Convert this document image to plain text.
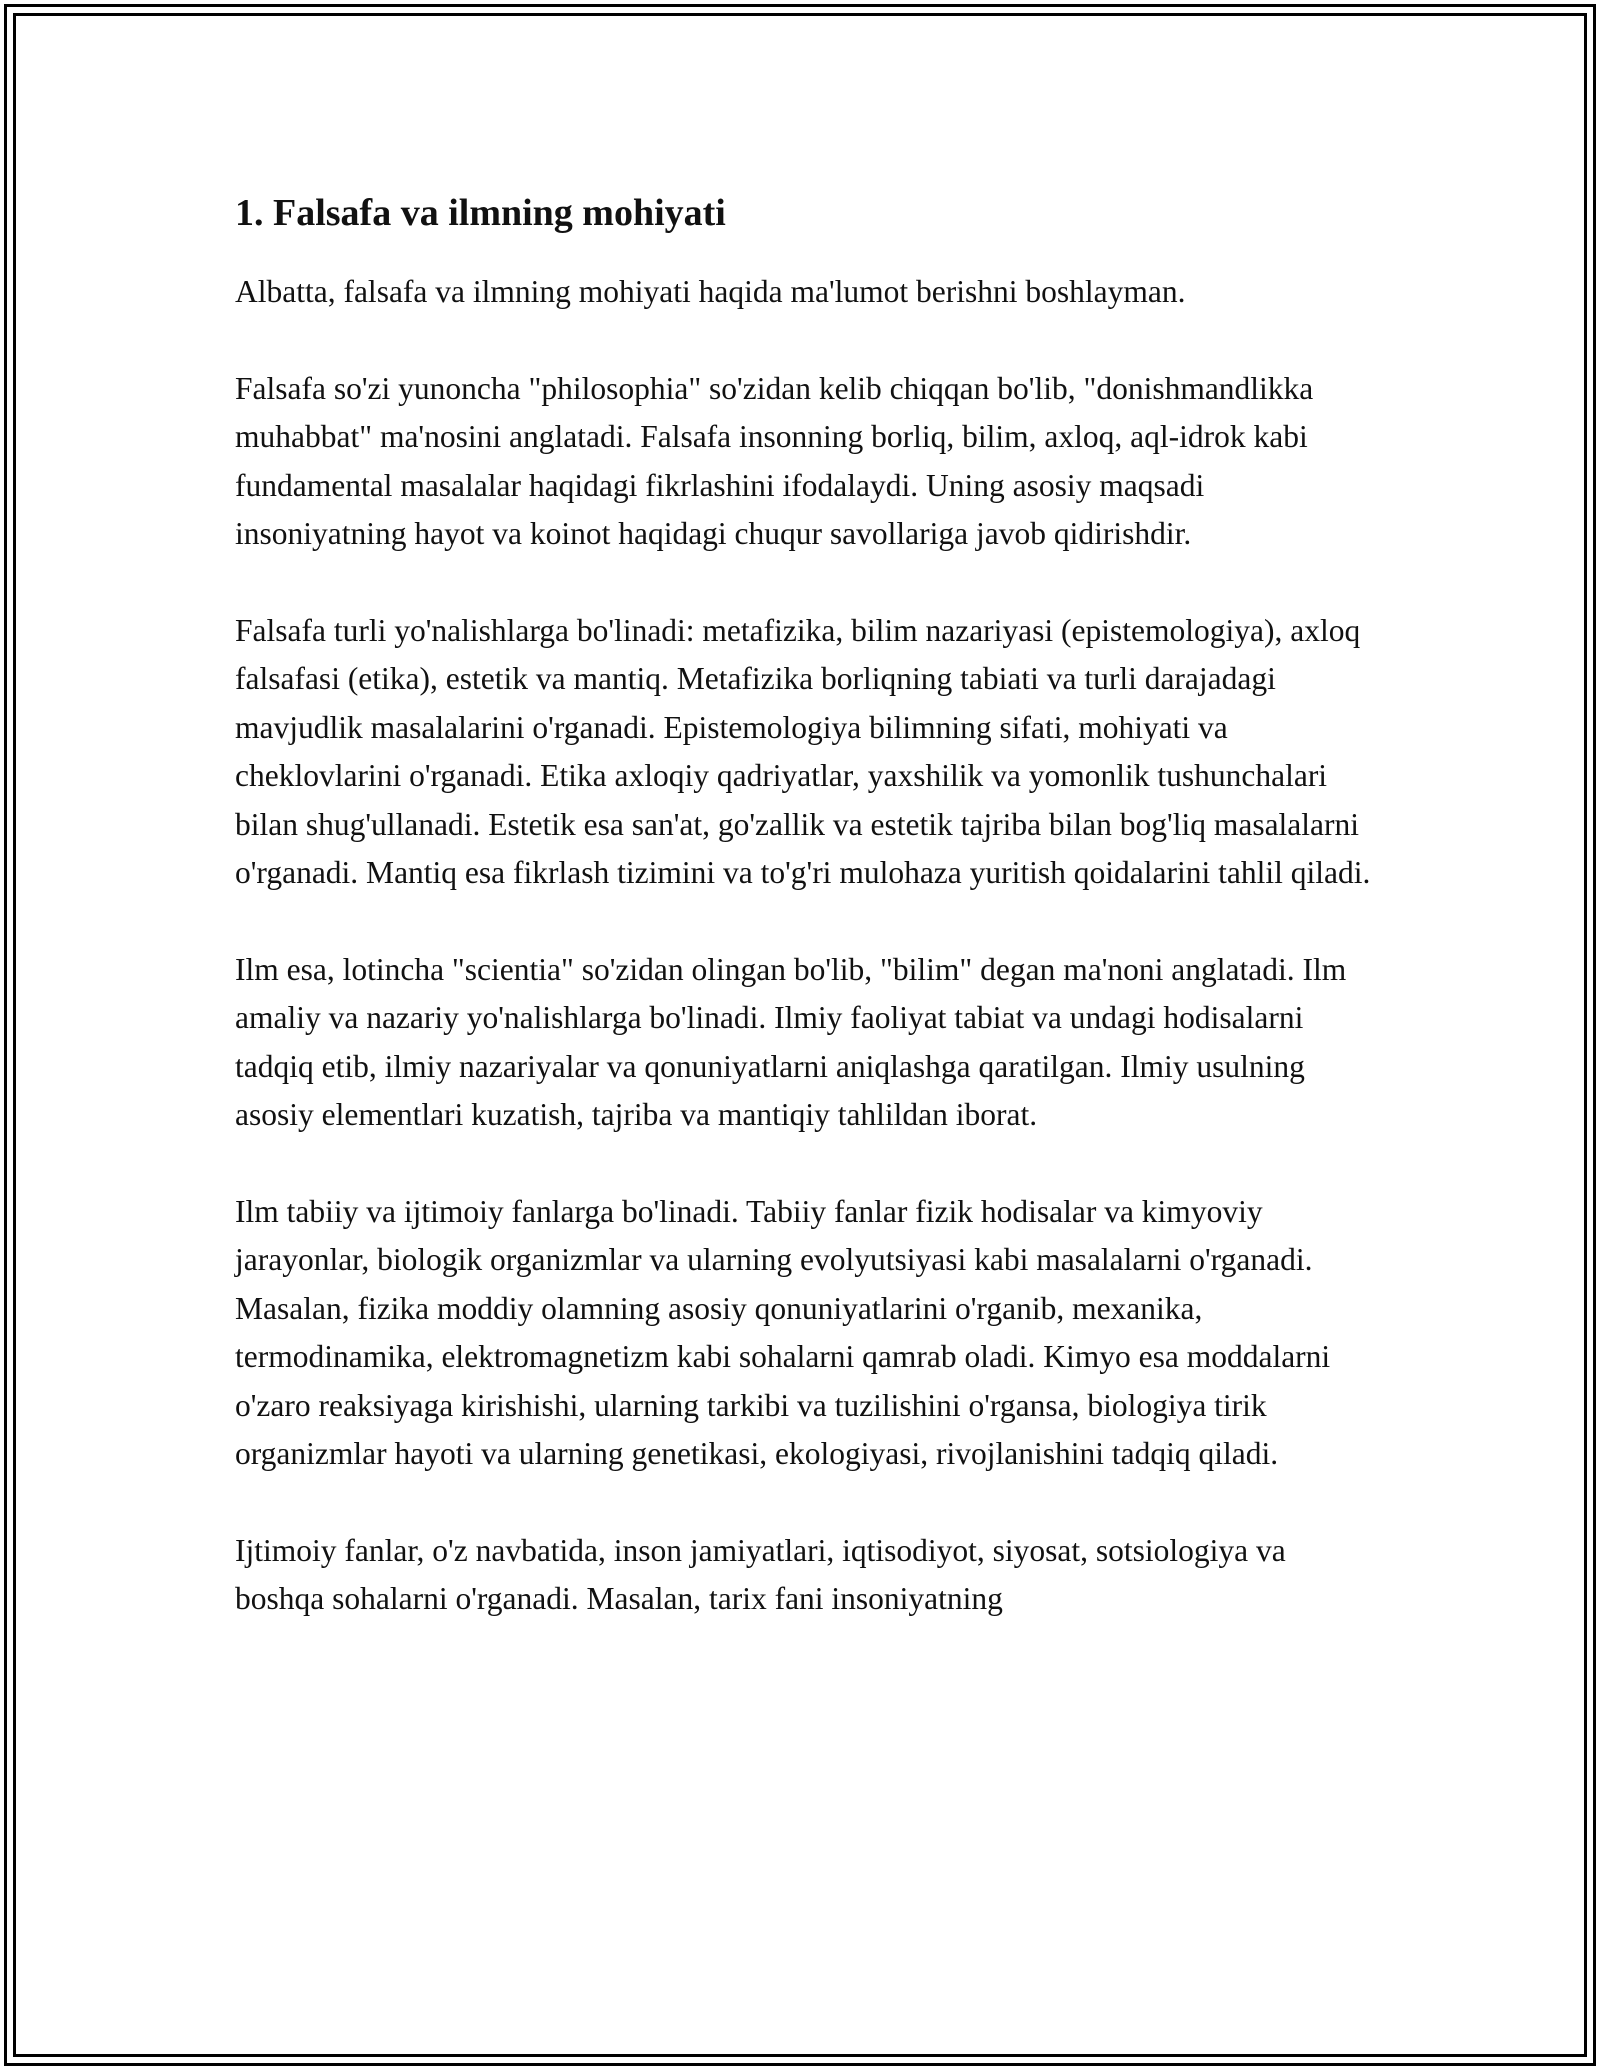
1. Falsafa va ilmning mohiyati

Albatta, falsafa va ilmning mohiyati haqida ma'lumot berishni boshlayman.

Falsafa so'zi yunoncha "philosophia" so'zidan kelib chiqqan bo'lib, "donishmandlikka muhabbat" ma'nosini anglatadi. Falsafa insonning borliq, bilim, axloq, aql-idrok kabi fundamental masalalar haqidagi fikrlashini ifodalaydi. Uning asosiy maqsadi insoniyatning hayot va koinot haqidagi chuqur savollariga javob qidirishdir.

Falsafa turli yo'nalishlarga bo'linadi: metafizika, bilim nazariyasi (epistemologiya), axloq falsafasi (etika), estetik va mantiq. Metafizika borliqning tabiati va turli darajadagi mavjudlik masalalarini o'rganadi. Epistemologiya bilimning sifati, mohiyati va cheklovlarini o'rganadi. Etika axloqiy qadriyatlar, yaxshilik va yomonlik tushunchalari bilan shug'ullanadi. Estetik esa san'at, go'zallik va estetik tajriba bilan bog'liq masalalarni o'rganadi. Mantiq esa fikrlash tizimini va to'g'ri mulohaza yuritish qoidalarini tahlil qiladi.

Ilm esa, lotincha "scientia" so'zidan olingan bo'lib, "bilim" degan ma'noni anglatadi. Ilm amaliy va nazariy yo'nalishlarga bo'linadi. Ilmiy faoliyat tabiat va undagi hodisalarni tadqiq etib, ilmiy nazariyalar va qonuniyatlarni aniqlashga qaratilgan. Ilmiy usulning asosiy elementlari kuzatish, tajriba va mantiqiy tahlildan iborat.

Ilm tabiiy va ijtimoiy fanlarga bo'linadi. Tabiiy fanlar fizik hodisalar va kimyoviy jarayonlar, biologik organizmlar va ularning evolyutsiyasi kabi masalalarni o'rganadi. Masalan, fizika moddiy olamning asosiy qonuniyatlarini o'rganib, mexanika, termodinamika, elektromagnetizm kabi sohalarni qamrab oladi. Kimyo esa moddalarni o'zaro reaksiyaga kirishishi, ularning tarkibi va tuzilishini o'rgansa, biologiya tirik organizmlar hayoti va ularning genetikasi, ekologiyasi, rivojlanishini tadqiq qiladi.

Ijtimoiy fanlar, o'z navbatida, inson jamiyatlari, iqtisodiyot, siyosat, sotsiologiya va boshqa sohalarni o'rganadi. Masalan, tarix fani insoniyatning
